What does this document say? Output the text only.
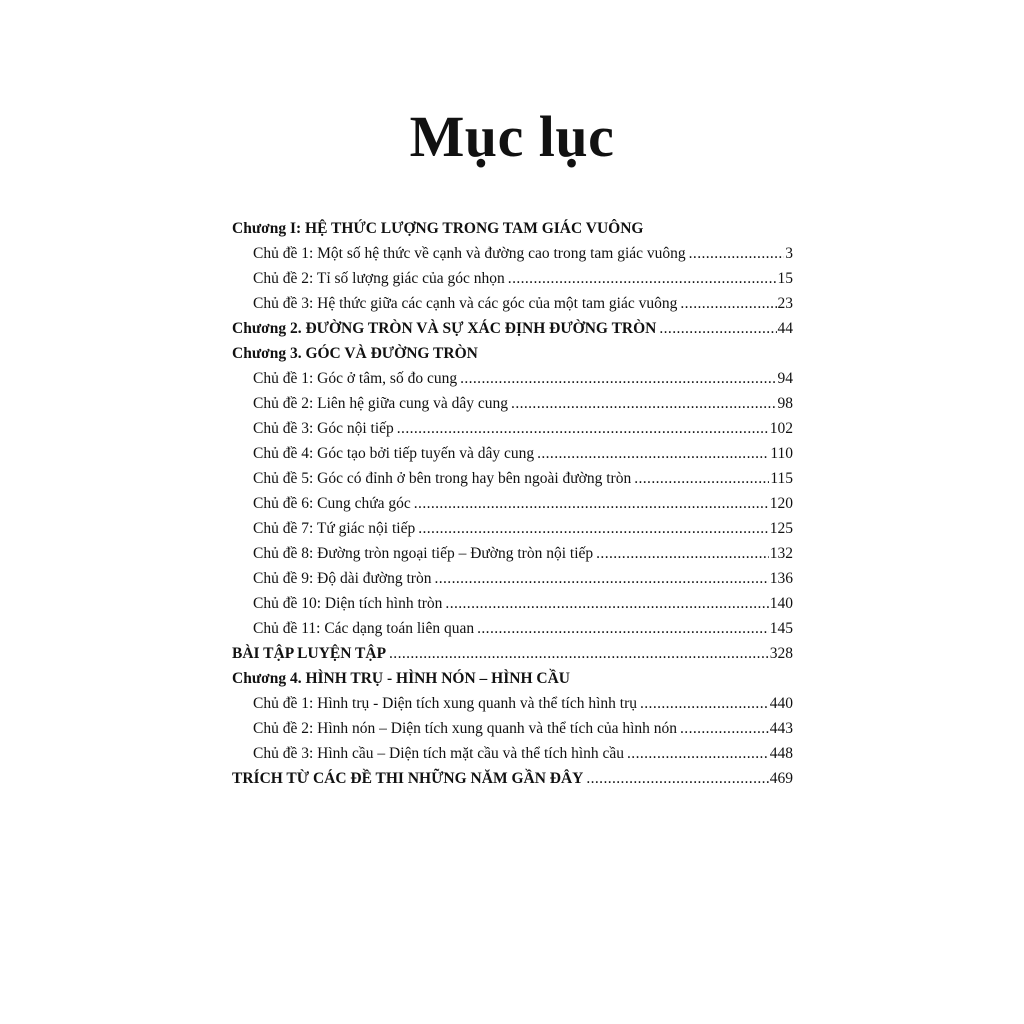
Mục lục
Chương I: HỆ THỨC LƯỢNG TRONG TAM GIÁC VUÔNG
Chủ đề 1: Một số hệ thức về cạnh và đường cao trong tam giác vuông .....	3
Chủ đề 2: Tỉ số lượng giác của góc nhọn .....	15
Chủ đề 3: Hệ thức giữa các cạnh và các góc của một tam giác vuông .....	23
Chương 2. ĐƯỜNG TRÒN VÀ SỰ XÁC ĐỊNH ĐƯỜNG TRÒN .....	44
Chương 3. GÓC VÀ ĐƯỜNG TRÒN
Chủ đề 1: Góc ở tâm, số đo cung .....	94
Chủ đề 2: Liên hệ giữa cung và dây cung .....	98
Chủ đề 3: Góc nội tiếp .....	102
Chủ đề 4: Góc tạo bởi tiếp tuyến và dây cung .....	110
Chủ đề 5: Góc có đỉnh ở bên trong hay bên ngoài đường tròn .....	115
Chủ đề 6: Cung chứa góc .....	120
Chủ đề 7: Tứ giác nội tiếp .....	125
Chủ đề 8: Đường tròn ngoại tiếp – Đường tròn nội tiếp .....	132
Chủ đề 9: Độ dài đường tròn .....	136
Chủ đề 10: Diện tích hình tròn .....	140
Chủ đề 11: Các dạng toán liên quan .....	145
BÀI TẬP LUYỆN TẬP .....	328
Chương 4. HÌNH TRỤ - HÌNH NÓN – HÌNH CẦU
Chủ đề 1: Hình trụ - Diện tích xung quanh và thể tích hình trụ .....	440
Chủ đề 2: Hình nón – Diện tích xung quanh và thể tích của hình nón .....	443
Chủ đề 3: Hình cầu – Diện tích mặt cầu và thể tích hình cầu .....	448
TRÍCH TỪ CÁC ĐỀ THI NHỮNG NĂM GẦN ĐÂY .....	469
